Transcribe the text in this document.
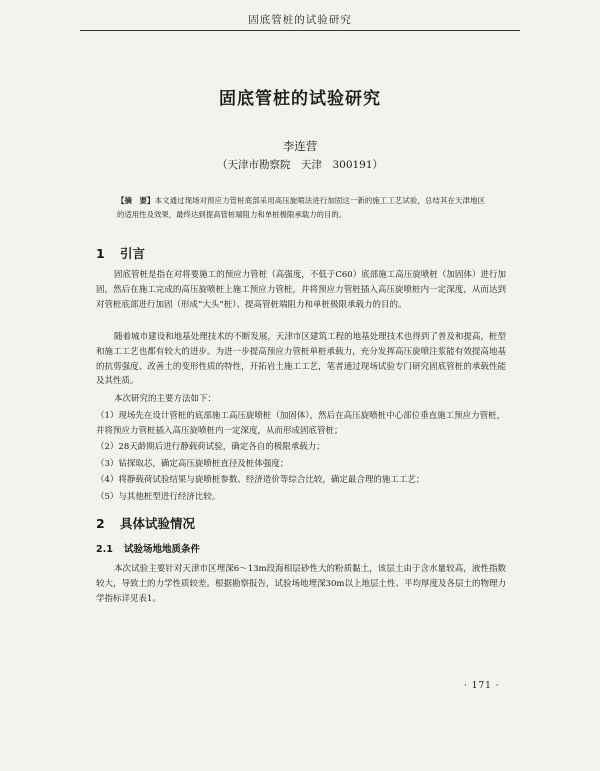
固底管桩的试验研究
固底管桩的试验研究
李连营
（天津市勘察院　天津　300191）
【摘　要】本文通过现场对预应力管桩底部采用高压旋喷法进行加固这一新的施工工艺试验，总结其在天津地区的适用性及效果，最终达到提高管桩端阻力和单桩极限承载力的目的。
1 引言
固底管桩是指在对将要施工的预应力管桩（高强度，不低于C60）底部施工高压旋喷桩（加固体）进行加固，然后在施工完成的高压旋喷桩上施工预应力管桩，并将预应力管桩插入高压旋喷桩内一定深度，从而达到对管桩底部进行加固（形成“大头”桩）、提高管桩端阻力和单桩极限承载力的目的。
随着城市建设和地基处理技术的不断发展，天津市区建筑工程的地基处理技术也得到了普及和提高，桩型和施工工艺也都有较大的进步。为进一步提高预应力管桩单桩承载力，充分发挥高压旋喷注浆能有效提高地基的抗剪强度、改善土的变形性质的特性，开拓岩土施工工艺，笔者通过现场试验专门研究固底管桩的承载性能及其性质。
本次研究的主要方法如下：
（1）现场先在设计管桩的底部施工高压旋喷桩（加固体），然后在高压旋喷桩中心部位垂直施工预应力管桩，并将预应力管桩插入高压旋喷桩内一定深度，从而形成固底管桩；
（2）28天龄期后进行静载荷试验，确定各自的极限承载力；
（3）钻探取芯，确定高压旋喷桩直径及桩体强度；
（4）将静载荷试验结果与旋喷桩参数、经济造价等综合比较，确定最合理的施工工艺；
（5）与其他桩型进行经济比较。
2 具体试验情况
2.1 试验场地地质条件
本次试验主要针对天津市区埋深6～13m段海相层砂性大的粉质黏土，该层土由于含水量较高，液性指数较大，导致土的力学性质较差。根据勘察报告，试验场地埋深30m以上地层土性、平均厚度及各层土的物理力学指标详见表1。
· 171 ·
